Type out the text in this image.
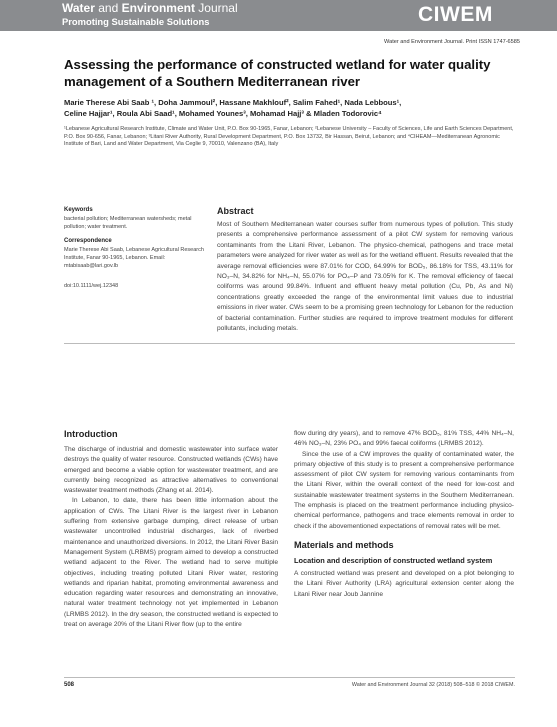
Water and Environment Journal
Promoting Sustainable Solutions	CIWEM
Water and Environment Journal. Print ISSN 1747-6585
Assessing the performance of constructed wetland for water quality management of a Southern Mediterranean river
Marie Therese Abi Saab ¹, Doha Jammoul², Hassane Makhlouf², Salim Fahed¹, Nada Lebbous¹,
Celine Hajjar¹, Roula Abi Saad¹, Mohamed Younes³, Mohamad Hajj³ & Mladen Todorovic⁴
¹Lebanese Agricultural Research Institute, Climate and Water Unit, P.O. Box 90-1965, Fanar, Lebanon; ²Lebanese University – Faculty of Sciences, Life and Earth Sciences Department, P.O. Box 90-656, Fanar, Lebanon; ³Litani River Authority, Rural Development Department, P.O. Box 13732, Bir Hassan, Beirut, Lebanon; and ⁴CIHEAM—Mediterranean Agronomic Institute of Bari, Land and Water Department, Via Ceglie 9, 70010, Valenzano (BA), Italy
Keywords
bacterial pollution; Mediterranean watersheds; metal pollution; water treatment.
Correspondence
Marie Therese Abi Saab, Lebanese Agricultural Research Institute, Fanar 90-1965, Lebanon. Email: mtabisaab@lari.gov.lb
doi:10.1111/wej.12348
Abstract

Most of Southern Mediterranean water courses suffer from numerous types of pollution. This study presents a comprehensive performance assessment of a pilot CW system for removing various contaminants from the Litani River, Lebanon. The physico-chemical, pathogens and trace metal parameters were analyzed for river water as well as for the wetland effluent. Results revealed that the average removal efficiencies were 87.01% for COD, 64.99% for BOD₅, 86.18% for TSS, 43.11% for NO₃–N, 34.82% for NH₄–N, 55.07% for PO₄–P and 73.05% for K. The removal efficiency of faecal coliforms was around 99.84%. Influent and effluent heavy metal pollution (Cu, Pb, As and Ni) concentrations greatly exceeded the range of the environmental limit values due to industrial emissions in river water. CWs seem to be a promising green technology for Lebanon for the reduction of bacterial contamination. Further studies are required to improve treatment modules for different pollutants, including metals.

Introduction

The discharge of industrial and domestic wastewater into surface water destroys the quality of water resource. Constructed wetlands (CWs) have emerged and become a viable option for wastewater treatment, and are currently being recognized as attractive alternatives to conventional wastewater treatment methods (Zhang et al. 2014).

In Lebanon, to date, there has been little information about the application of CWs. The Litani River is the largest river in Lebanon suffering from extensive garbage dumping, direct release of urban wastewater uncontrolled industrial discharges, lack of riverbed maintenance and unauthorized diversions. In 2012, the Litani River Basin Management System (LRBMS) program aimed to develop a constructed wetland adjacent to the River. The wetland had to serve multiple objectives, including treating polluted Litani River water, restoring wetlands and riparian habitat, promoting environmental awareness and education regarding water resources and demonstrating an innovative, natural water treatment technology not yet implemented in Lebanon (LRMBS 2012). In the dry season, the constructed wetland is expected to treat on average 20% of the Litani River flow (up to the entire

flow during dry years), and to remove 47% BOD₅, 81% TSS, 44% NH₄–N, 46% NO₃–N, 23% PO₄ and 99% faecal coliforms (LRMBS 2012).

Since the use of a CW improves the quality of contaminated water, the primary objective of this study is to present a comprehensive performance assessment of pilot CW system for removing various contaminants from the Litani River, within the overall context of the need for low-cost and sustainable wastewater treatment systems in the Southern Mediterranean. The emphasis is placed on the treatment performance including physico-chemical performance, pathogens and trace elements removal in order to check if the abovementioned expectations of removal rates will be met.

Materials and methods
Location and description of constructed wetland system

A constructed wetland was present and developed on a plot belonging to the Litani River Authority (LRA) agricultural extension center along the Litani River near Joub Jannine

508	Water and Environment Journal 32 (2018) 508–518 © 2018 CIWEM.
